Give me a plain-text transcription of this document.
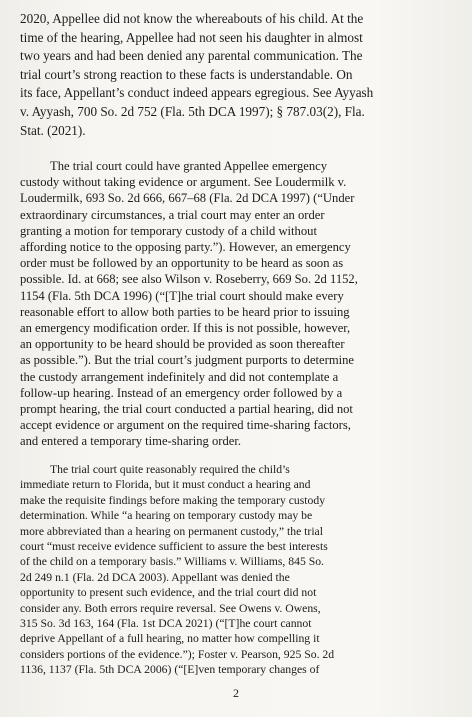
2020, Appellee did not know the whereabouts of his child. At the
time of the hearing, Appellee had not seen his daughter in almost
two years and had been denied any parental communication. The
trial court’s strong reaction to these facts is understandable. On
its face, Appellant’s conduct indeed appears egregious. See Ayyash
v. Ayyash, 700 So. 2d 752 (Fla. 5th DCA 1997); § 787.03(2), Fla.
Stat. (2021).
The trial court could have granted Appellee emergency
custody without taking evidence or argument. See Loudermilk v.
Loudermilk, 693 So. 2d 666, 667–68 (Fla. 2d DCA 1997) (“Under
extraordinary circumstances, a trial court may enter an order
granting a motion for temporary custody of a child without
affording notice to the opposing party.”). However, an emergency
order must be followed by an opportunity to be heard as soon as
possible. Id. at 668; see also Wilson v. Roseberry, 669 So. 2d 1152,
1154 (Fla. 5th DCA 1996) (“[T]he trial court should make every
reasonable effort to allow both parties to be heard prior to issuing
an emergency modification order. If this is not possible, however,
an opportunity to be heard should be provided as soon thereafter
as possible.”). But the trial court’s judgment purports to determine
the custody arrangement indefinitely and did not contemplate a
follow-up hearing. Instead of an emergency order followed by a
prompt hearing, the trial court conducted a partial hearing, did not
accept evidence or argument on the required time-sharing factors,
and entered a temporary time-sharing order.
The trial court quite reasonably required the child’s
immediate return to Florida, but it must conduct a hearing and
make the requisite findings before making the temporary custody
determination. While “a hearing on temporary custody may be
more abbreviated than a hearing on permanent custody,” the trial
court “must receive evidence sufficient to assure the best interests
of the child on a temporary basis.” Williams v. Williams, 845 So.
2d 249 n.1 (Fla. 2d DCA 2003). Appellant was denied the
opportunity to present such evidence, and the trial court did not
consider any. Both errors require reversal. See Owens v. Owens,
315 So. 3d 163, 164 (Fla. 1st DCA 2021) (“[T]he court cannot
deprive Appellant of a full hearing, no matter how compelling it
considers portions of the evidence.”); Foster v. Pearson, 925 So. 2d
1136, 1137 (Fla. 5th DCA 2006) (“[E]ven temporary changes of
2
